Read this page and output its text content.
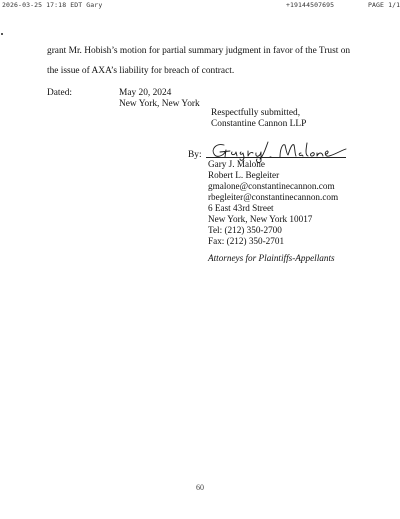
2026-03-25 17:18 EDT Gary	+19144507695	PAGE 1/1
grant Mr. Hobish’s motion for partial summary judgment in favor of the Trust on
the issue of AXA’s liability for breach of contract.
Dated:	May 20, 2024
New York, New York
Respectfully submitted,
Constantine Cannon LLP
By:
Gary J. Malone
Robert L. Begleiter
gmalone@constantinecannon.com
rbegleiter@constantinecannon.com
6 East 43rd Street
New York, New York 10017
Tel: (212) 350-2700
Fax: (212) 350-2701
Attorneys for Plaintiffs-Appellants
60
